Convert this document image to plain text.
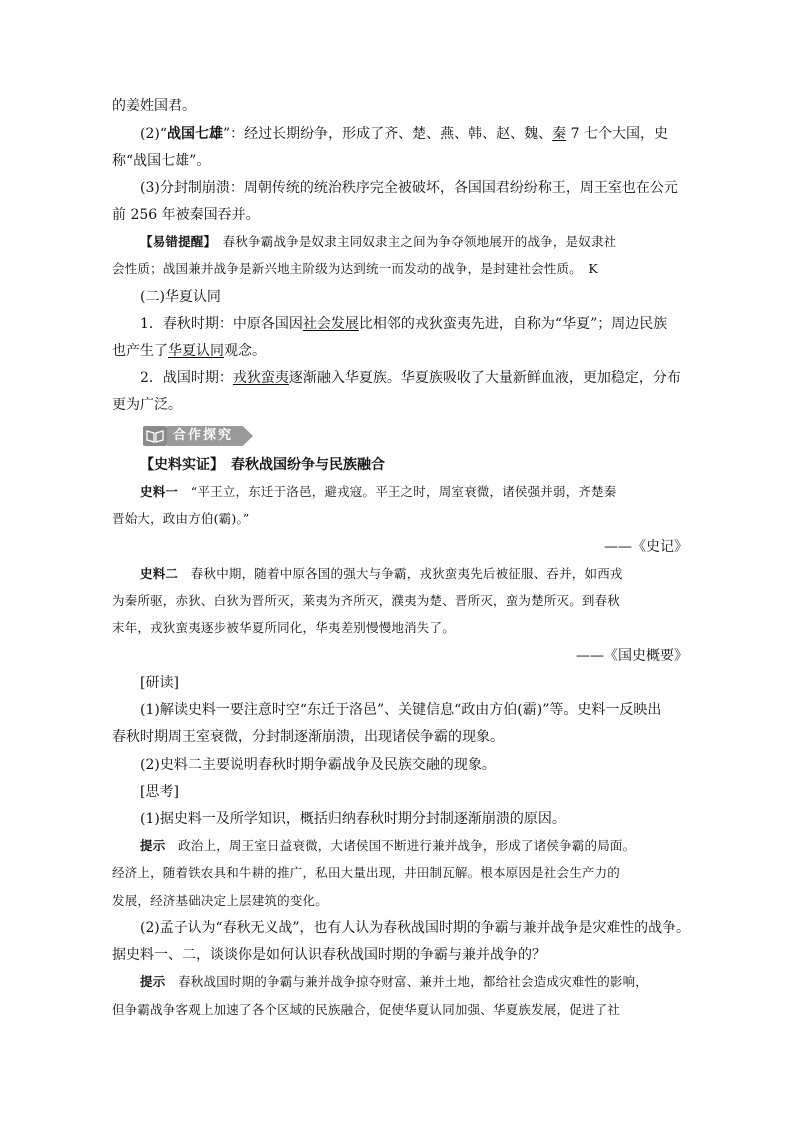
的姜姓国君。
(2)“战国七雄”：经过长期纷争，形成了齐、楚、燕、韩、赵、魏、秦 7 七个大国，史
称“战国七雄”。
(3)分封制崩溃：周朝传统的统治秩序完全被破坏，各国国君纷纷称王，周王室也在公元
前 256 年被秦国吞并。
【易错提醒】　春秋争霸战争是奴隶主同奴隶主之间为争夺领地展开的战争，是奴隶社
会性质；战国兼并战争是新兴地主阶级为达到统一而发动的战争，是封建社会性质。　K
(二)华夏认同
1．春秋时期：中原各国因社会发展比相邻的戎狄蛮夷先进，自称为“华夏”；周边民族
也产生了华夏认同观念。
2．战国时期：戎狄蛮夷逐渐融入华夏族。华夏族吸收了大量新鲜血液，更加稳定，分布
更为广泛。
合作探究
【史料实证】　春秋战国纷争与民族融合
史料一　“平王立，东迁于洛邑，避戎寇。平王之时，周室衰微，诸侯强并弱，齐楚秦
晋始大，政由方伯(霸)。”
——《史记》
史料二　春秋中期，随着中原各国的强大与争霸，戎狄蛮夷先后被征服、吞并，如西戎
为秦所驱，赤狄、白狄为晋所灭，莱夷为齐所灭，濮夷为楚、晋所灭，蛮为楚所灭。到春秋
末年，戎狄蛮夷逐步被华夏所同化，华夷差别慢慢地消失了。
——《国史概要》
[研读]
(1)解读史料一要注意时空“东迁于洛邑”、关键信息“政由方伯(霸)”等。史料一反映出
春秋时期周王室衰微，分封制逐渐崩溃，出现诸侯争霸的现象。
(2)史料二主要说明春秋时期争霸战争及民族交融的现象。
[思考]
(1)据史料一及所学知识，概括归纳春秋时期分封制逐渐崩溃的原因。
提示　政治上，周王室日益衰微，大诸侯国不断进行兼并战争，形成了诸侯争霸的局面。
经济上，随着铁农具和牛耕的推广，私田大量出现，井田制瓦解。根本原因是社会生产力的
发展，经济基础决定上层建筑的变化。
(2)孟子认为“春秋无义战”，也有人认为春秋战国时期的争霸与兼并战争是灾难性的战争。
据史料一、二，谈谈你是如何认识春秋战国时期的争霸与兼并战争的？
提示　春秋战国时期的争霸与兼并战争掠夺财富、兼并土地，都给社会造成灾难性的影响，
但争霸战争客观上加速了各个区域的民族融合，促使华夏认同加强、华夏族发展，促进了社
